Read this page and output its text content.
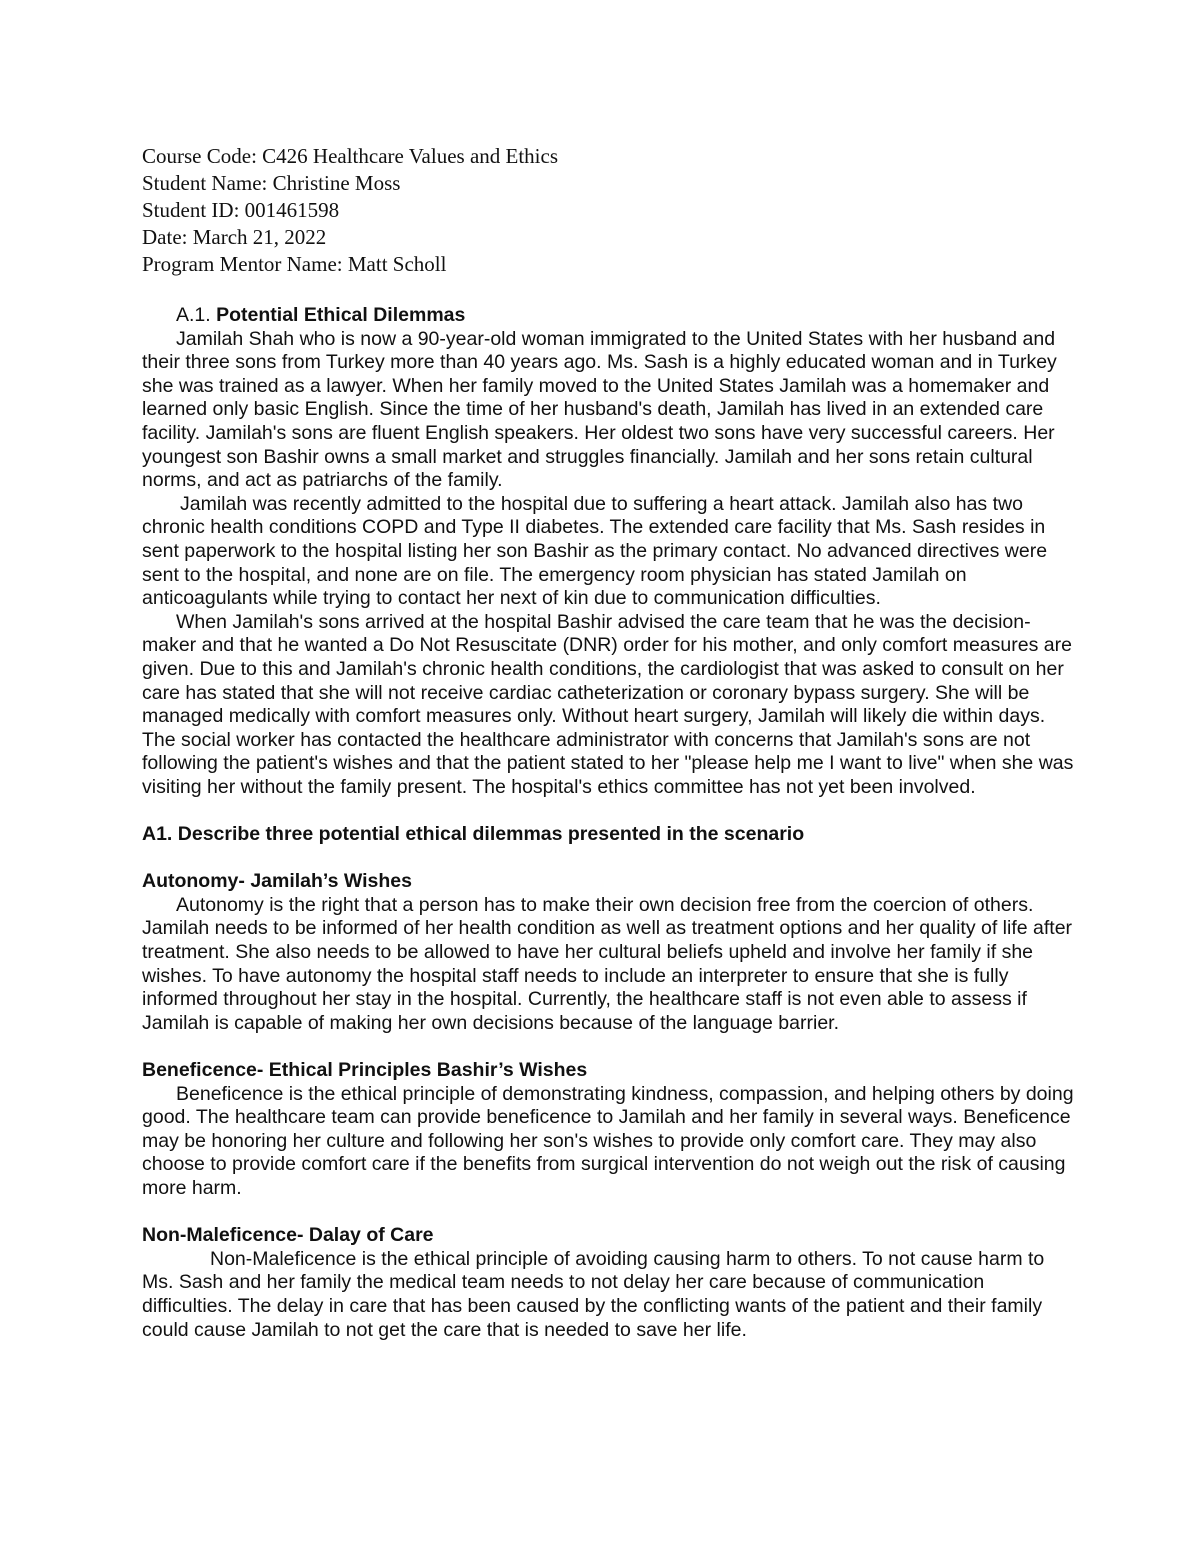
Course Code: C426 Healthcare Values and Ethics
Student Name: Christine Moss
Student ID: 001461598
Date: March 21, 2022
Program Mentor Name: Matt Scholl
A.1. Potential Ethical Dilemmas

Jamilah Shah who is now a 90-year-old woman immigrated to the United States with her husband and their three sons from Turkey more than 40 years ago. Ms. Sash is a highly educated woman and in Turkey she was trained as a lawyer. When her family moved to the United States Jamilah was a homemaker and learned only basic English. Since the time of her husband's death, Jamilah has lived in an extended care facility. Jamilah's sons are fluent English speakers. Her oldest two sons have very successful careers. Her youngest son Bashir owns a small market and struggles financially. Jamilah and her sons retain cultural norms, and act as patriarchs of the family.

Jamilah was recently admitted to the hospital due to suffering a heart attack. Jamilah also has two chronic health conditions COPD and Type II diabetes. The extended care facility that Ms. Sash resides in sent paperwork to the hospital listing her son Bashir as the primary contact. No advanced directives were sent to the hospital, and none are on file. The emergency room physician has stated Jamilah on anticoagulants while trying to contact her next of kin due to communication difficulties.

When Jamilah's sons arrived at the hospital Bashir advised the care team that he was the decision-maker and that he wanted a Do Not Resuscitate (DNR) order for his mother, and only comfort measures are given. Due to this and Jamilah's chronic health conditions, the cardiologist that was asked to consult on her care has stated that she will not receive cardiac catheterization or coronary bypass surgery. She will be managed medically with comfort measures only. Without heart surgery, Jamilah will likely die within days. The social worker has contacted the healthcare administrator with concerns that Jamilah's sons are not following the patient's wishes and that the patient stated to her "please help me I want to live" when she was visiting her without the family present. The hospital's ethics committee has not yet been involved.

A1. Describe three potential ethical dilemmas presented in the scenario

Autonomy- Jamilah’s Wishes

Autonomy is the right that a person has to make their own decision free from the coercion of others. Jamilah needs to be informed of her health condition as well as treatment options and her quality of life after treatment. She also needs to be allowed to have her cultural beliefs upheld and involve her family if she wishes. To have autonomy the hospital staff needs to include an interpreter to ensure that she is fully informed throughout her stay in the hospital. Currently, the healthcare staff is not even able to assess if Jamilah is capable of making her own decisions because of the language barrier.

Beneficence- Ethical Principles Bashir’s Wishes

Beneficence is the ethical principle of demonstrating kindness, compassion, and helping others by doing good. The healthcare team can provide beneficence to Jamilah and her family in several ways. Beneficence may be honoring her culture and following her son's wishes to provide only comfort care. They may also choose to provide comfort care if the benefits from surgical intervention do not weigh out the risk of causing more harm.

Non-Maleficence- Dalay of Care

Non-Maleficence is the ethical principle of avoiding causing harm to others. To not cause harm to Ms. Sash and her family the medical team needs to not delay her care because of communication difficulties. The delay in care that has been caused by the conflicting wants of the patient and their family could cause Jamilah to not get the care that is needed to save her life.
